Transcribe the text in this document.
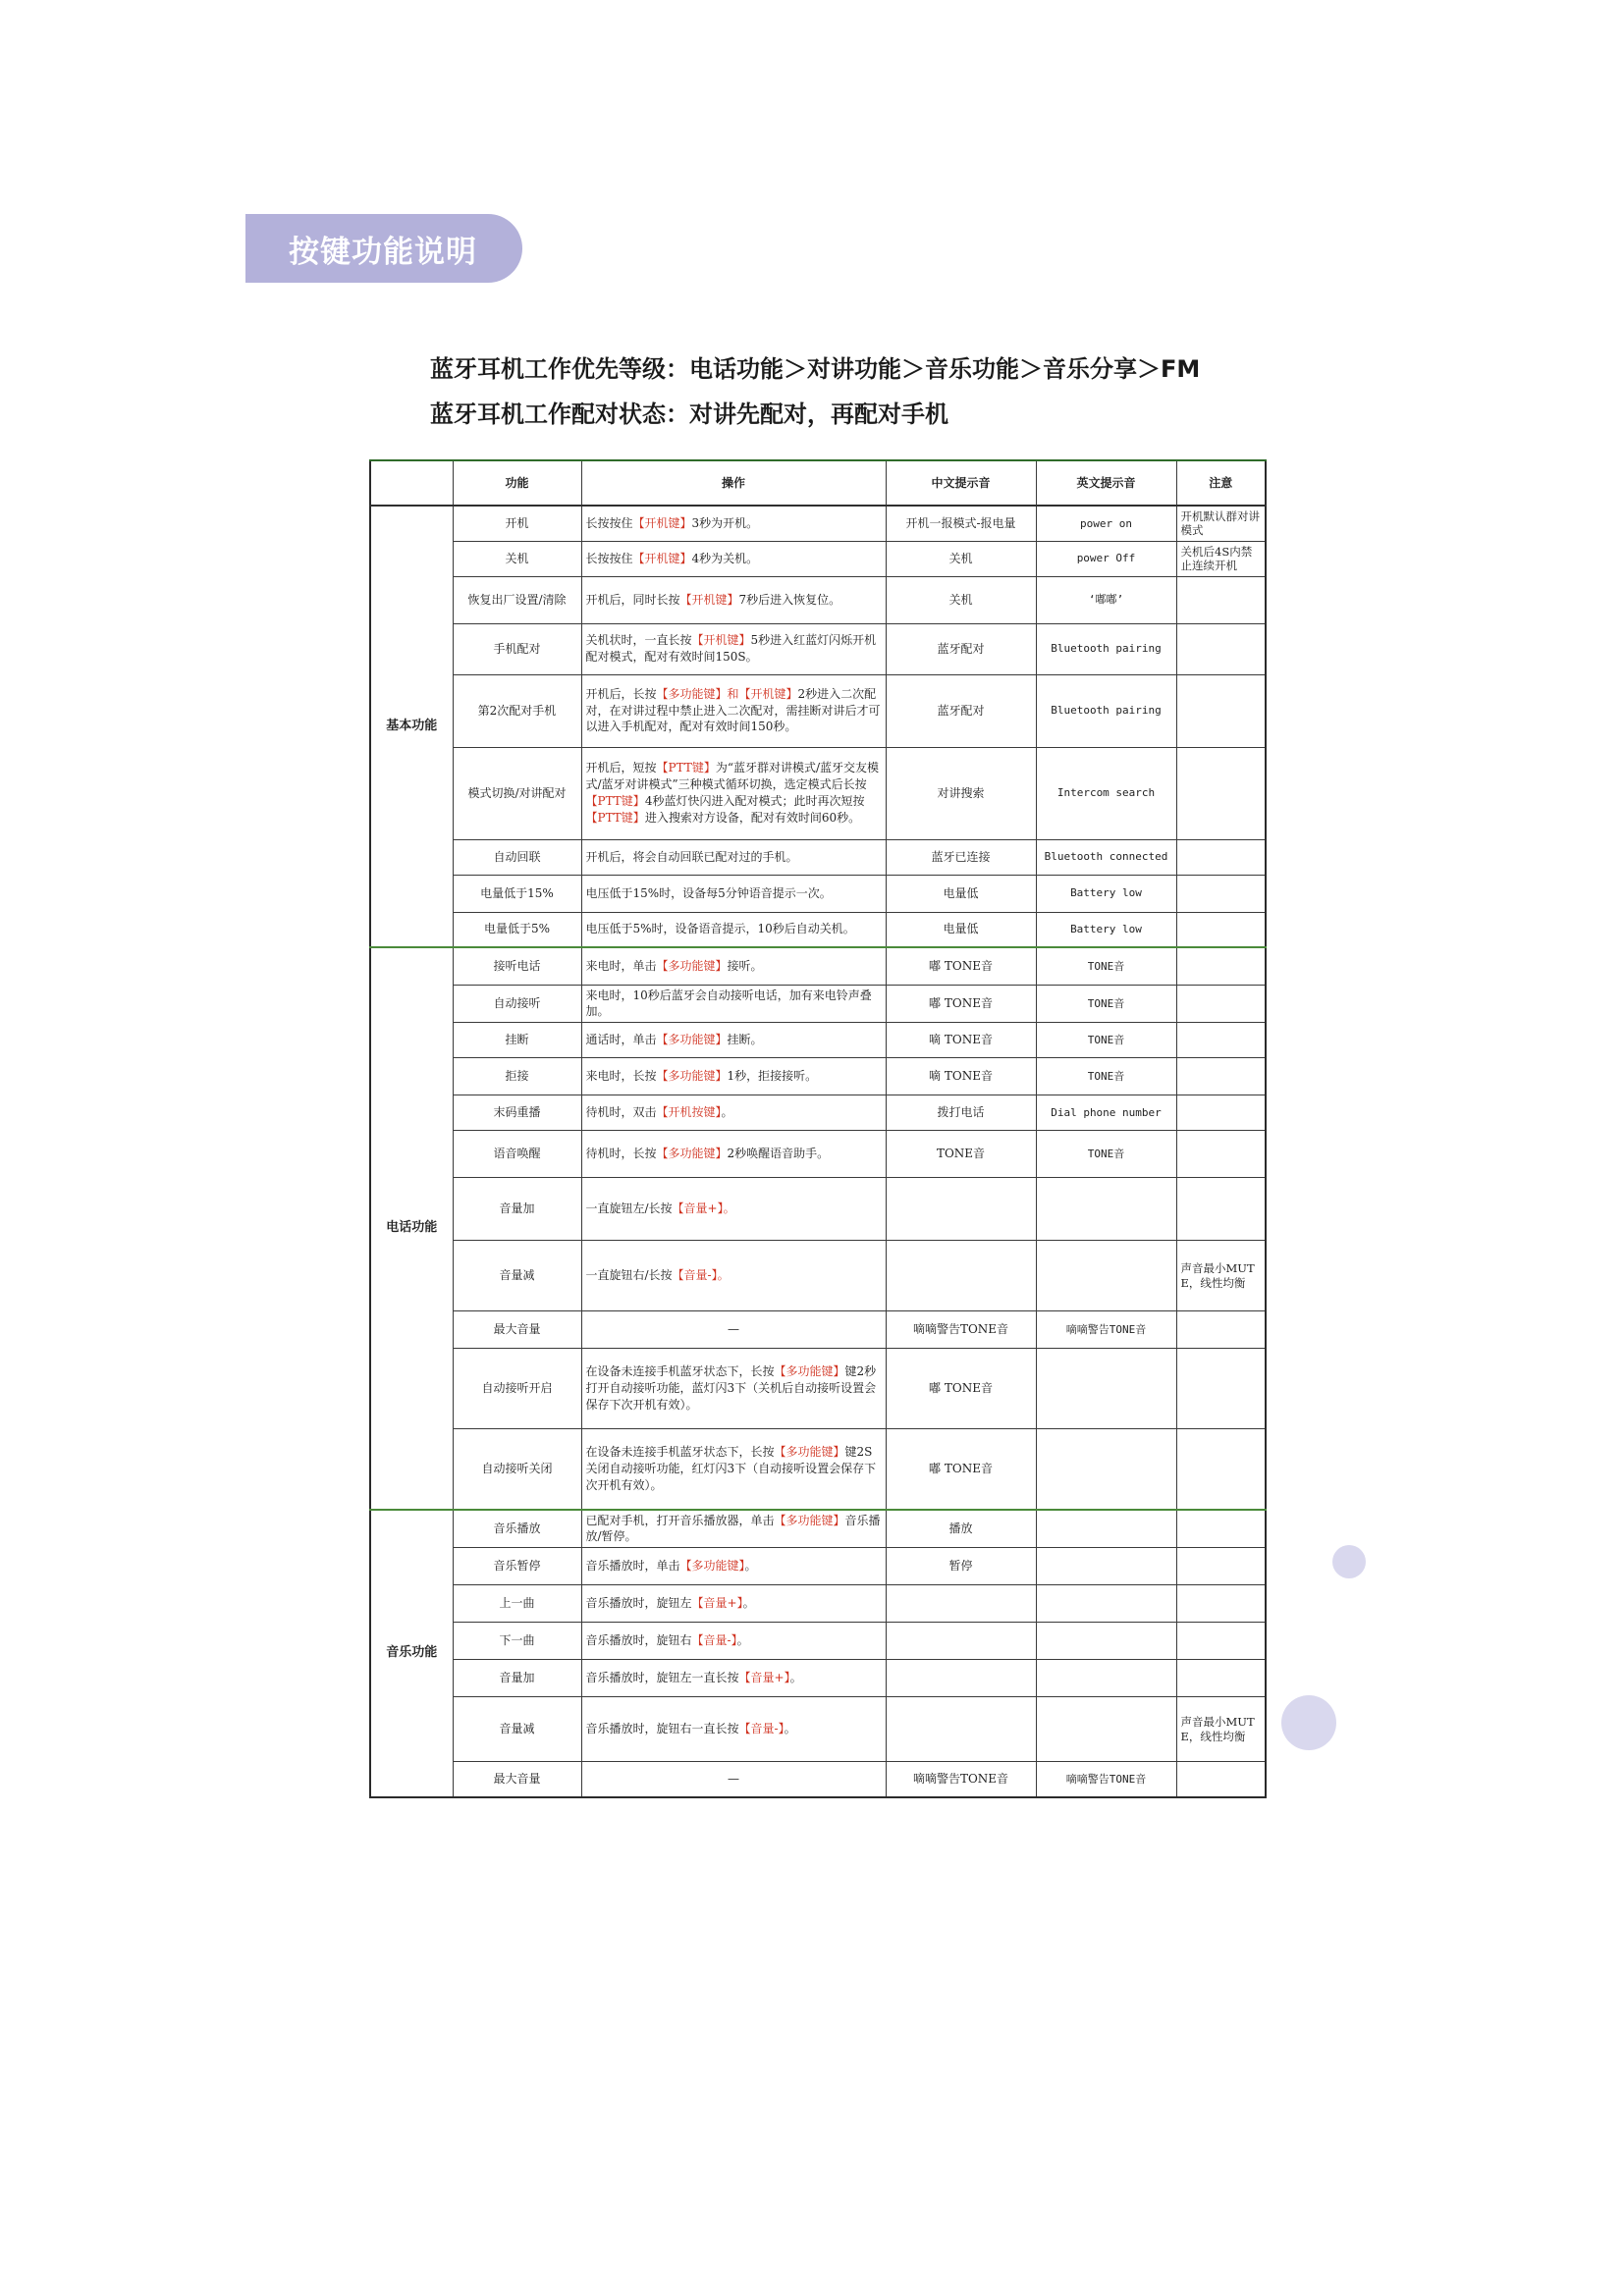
按键功能说明
蓝牙耳机工作优先等级：电话功能＞对讲功能＞音乐功能＞音乐分享＞FM
蓝牙耳机工作配对状态：对讲先配对，再配对手机
	功能	操作	中文提示音	英文提示音	注意
基本功能	开机	长按按住【开机键】3秒为开机。	开机一报模式-报电量	power on	开机默认群对讲模式
	关机	长按按住【开机键】4秒为关机。	关机	power Off	关机后4S内禁止连续开机
	恢复出厂设置/清除	开机后，同时长按【开机键】7秒后进入恢复位。	关机	‘嘟嘟’	
	手机配对	关机状时，一直长按【开机键】5秒进入红蓝灯闪烁开机配对模式，配对有效时间150S。	蓝牙配对	Bluetooth pairing	
	第2次配对手机	开机后，长按【多功能键】和【开机键】2秒进入二次配对，在对讲过程中禁止进入二次配对，需挂断对讲后才可以进入手机配对，配对有效时间150秒。	蓝牙配对	Bluetooth pairing	
	模式切换/对讲配对	开机后，短按【PTT键】为“蓝牙群对讲模式/蓝牙交友模式/蓝牙对讲模式”三种模式循环切换，选定模式后长按【PTT键】4秒蓝灯快闪进入配对模式；此时再次短按【PTT键】进入搜索对方设备，配对有效时间60秒。	对讲搜索	Intercom search	
	自动回联	开机后，将会自动回联已配对过的手机。	蓝牙已连接	Bluetooth connected	
	电量低于15%	电压低于15%时，设备每5分钟语音提示一次。	电量低	Battery low	
	电量低于5%	电压低于5%时，设备语音提示，10秒后自动关机。	电量低	Battery low	
电话功能	接听电话	来电时，单击【多功能键】接听。	嘟 TONE音	TONE音	
	自动接听	来电时，10秒后蓝牙会自动接听电话，加有来电铃声叠加。	嘟 TONE音	TONE音	
	挂断	通话时，单击【多功能键】挂断。	嘀 TONE音	TONE音	
	拒接	来电时，长按【多功能键】1秒，拒接接听。	嘀 TONE音	TONE音	
	末码重播	待机时，双击【开机按键】。	拨打电话	Dial phone number	
	语音唤醒	待机时，长按【多功能键】2秒唤醒语音助手。	TONE音	TONE音	
	音量加	一直旋钮左/长按【音量+】。			
	音量减	一直旋钮右/长按【音量-】。			声音最小MUTE，线性均衡
	最大音量	—	嘀嘀警告TONE音	嘀嘀警告TONE音	
	自动接听开启	在设备未连接手机蓝牙状态下，长按【多功能键】键2秒打开自动接听功能，蓝灯闪3下（关机后自动接听设置会保存下次开机有效）。	嘟 TONE音		
	自动接听关闭	在设备未连接手机蓝牙状态下，长按【多功能键】键2S关闭自动接听功能，红灯闪3下（自动接听设置会保存下次开机有效）。	嘟 TONE音		
音乐功能	音乐播放	已配对手机，打开音乐播放器，单击【多功能键】音乐播放/暂停。	播放		
	音乐暂停	音乐播放时，单击【多功能键】。	暂停		
	上一曲	音乐播放时，旋钮左【音量+】。			
	下一曲	音乐播放时，旋钮右【音量-】。			
	音量加	音乐播放时，旋钮左一直长按【音量+】。			
	音量减	音乐播放时，旋钮右一直长按【音量-】。			声音最小MUTE，线性均衡
	最大音量	—	嘀嘀警告TONE音	嘀嘀警告TONE音	
